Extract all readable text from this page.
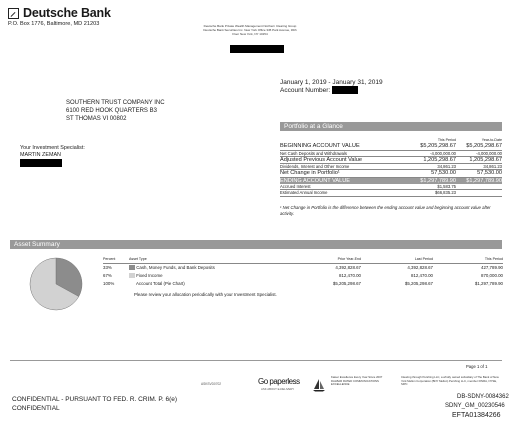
Deutsche Bank
P.O. Box 1776, Baltimore, MD 21203	Deutsche Bank Private Wealth Management Northern Clearing Group Deutsche Bank Securities Inc. New York Office 345 Park Avenue, 30th Floor New York, NY 10154
January 1, 2019 - January 31, 2019
Account Number:
SOUTHERN TRUST COMPANY INC
6100 RED HOOK QUARTERS B3
ST THOMAS VI 00802
Your Investment Specialist:
MARTIN ZEMAN
Portfolio at a Glance
	This Period	Year-to-Date
BEGINNING ACCOUNT VALUE	$5,205,298.67	$5,205,298.67
Net Cash Deposits and Withdrawals	-4,000,000.00	-4,000,000.00
Adjusted Previous Account Value	1,205,298.67	1,205,298.67
Dividends, Interest and Other Income	34,861.23	34,861.23
Net Change in Portfolio¹	57,530.00	57,530.00
ENDING ACCOUNT VALUE	$1,297,789.90	$1,297,789.90
Accrued Interest	$1,583.75	
Estimated Annual Income	$66,835.23	
¹ Net Change in Portfolio is the difference between the ending account value and beginning account value after activity.
Asset Summary
Percent	Asset Type	Prior Year-End	Last Period	This Period
33%	Cash, Money Funds, and Bank Deposits	4,392,828.67	4,392,828.67	427,789.90
67%	Fixed Income	812,470.00	812,470.00	870,000.00
100%	Account Total (Pie Chart)	$5,205,298.67	$5,205,298.67	$1,297,789.90
Please review your allocation periodically with your Investment Specialist.
Page 1 of 1
ASKSVD0702	Go paperless
ASK ABOUT E-DELIVERY
Kaiser Excellence Every Year Since 2007 DALBAR RATED COMMUNICATIONS EXCELLENCE
Clearing through Pershing LLC, a wholly owned subsidiary of The Bank of New York Mellon Corporation (BNY Mellon) Pershing LLC, member FINRA, NYSE, SIPC
CONFIDENTIAL - PURSUANT TO FED. R. CRIM. P. 6(e)
CONFIDENTIAL
DB-SDNY-0084362
SDNY_GM_00230546
EFTA01384266
